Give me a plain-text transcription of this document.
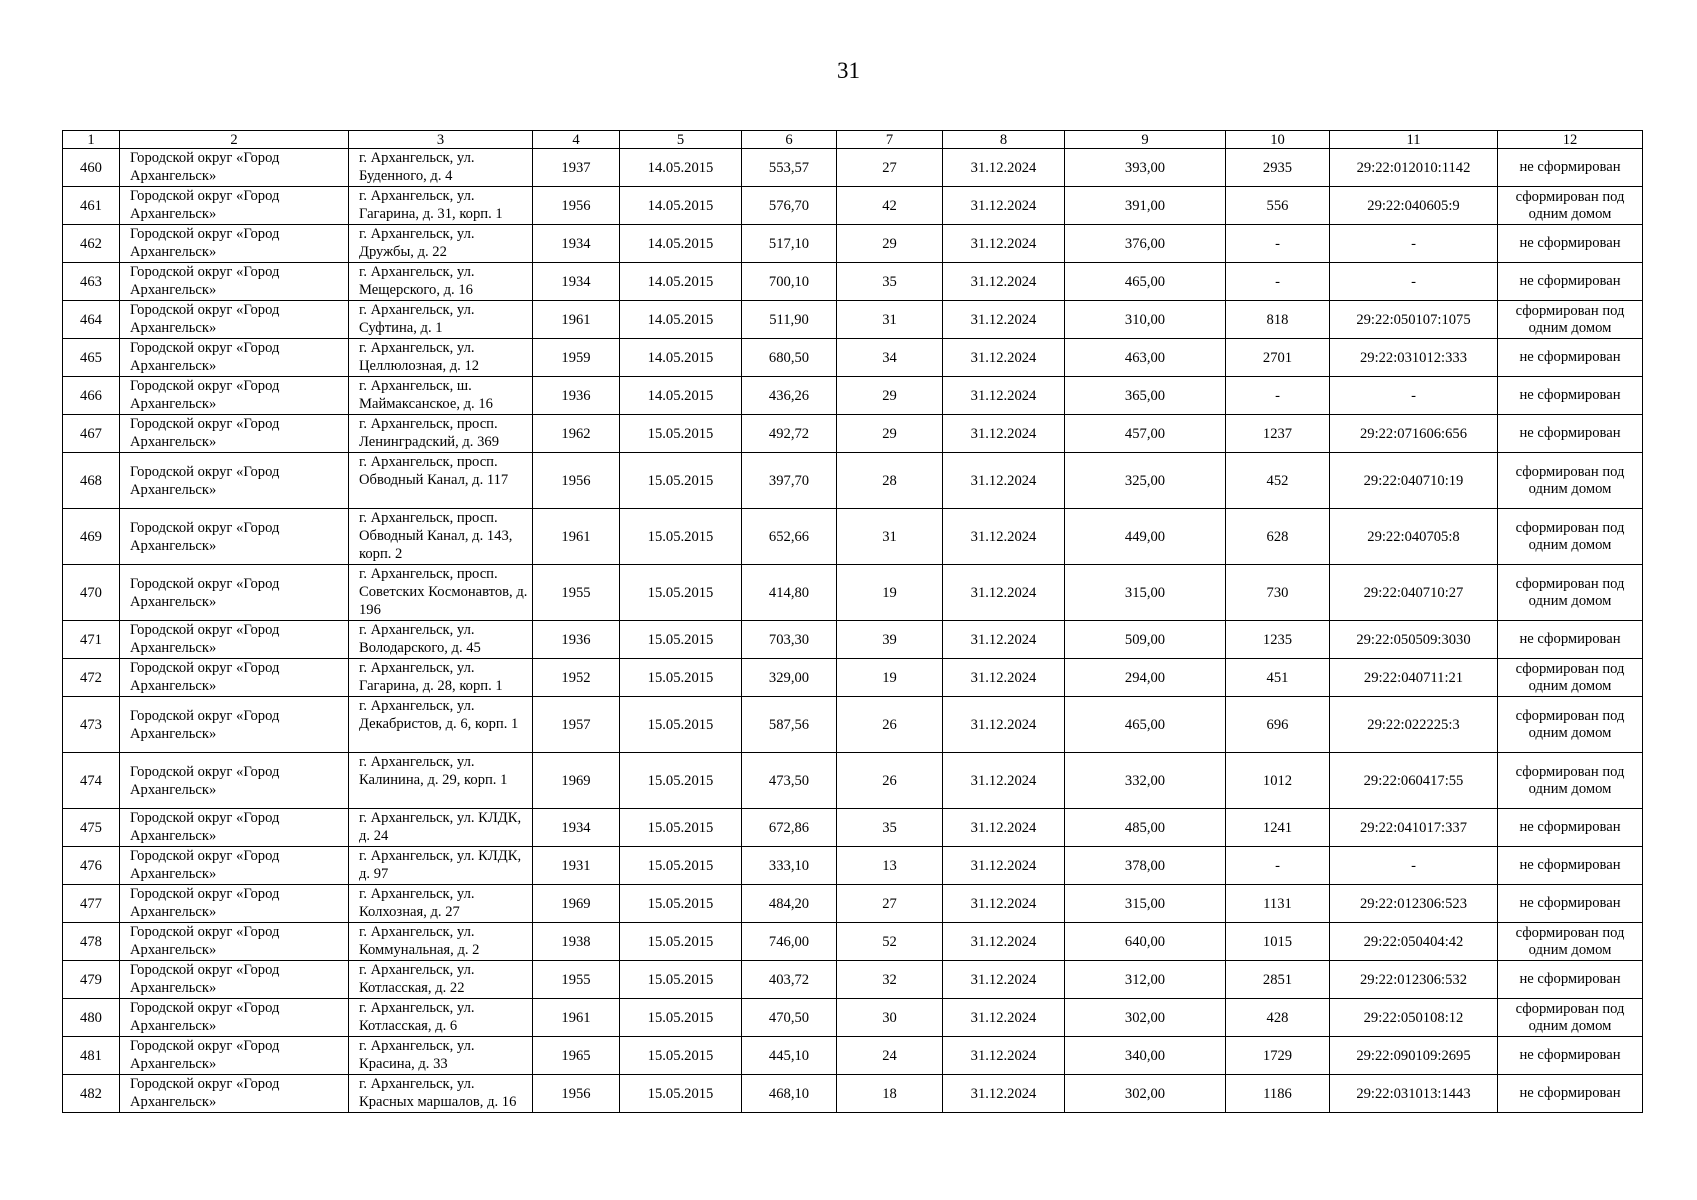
31
1	2	3	4	5	6	7	8	9	10	11	12
460	Городской округ «Город Архангельск»	г. Архангельск, ул. Буденного, д. 4	1937	14.05.2015	553,57	27	31.12.2024	393,00	2935	29:22:012010:1142	не сформирован
461	Городской округ «Город Архангельск»	г. Архангельск, ул. Гагарина, д. 31, корп. 1	1956	14.05.2015	576,70	42	31.12.2024	391,00	556	29:22:040605:9	сформирован под одним домом
462	Городской округ «Город Архангельск»	г. Архангельск, ул. Дружбы, д. 22	1934	14.05.2015	517,10	29	31.12.2024	376,00	-	-	не сформирован
463	Городской округ «Город Архангельск»	г. Архангельск, ул. Мещерского, д. 16	1934	14.05.2015	700,10	35	31.12.2024	465,00	-	-	не сформирован
464	Городской округ «Город Архангельск»	г. Архангельск, ул. Суфтина, д. 1	1961	14.05.2015	511,90	31	31.12.2024	310,00	818	29:22:050107:1075	сформирован под одним домом
465	Городской округ «Город Архангельск»	г. Архангельск, ул. Целлюлозная, д. 12	1959	14.05.2015	680,50	34	31.12.2024	463,00	2701	29:22:031012:333	не сформирован
466	Городской округ «Город Архангельск»	г. Архангельск, ш. Маймаксанское, д. 16	1936	14.05.2015	436,26	29	31.12.2024	365,00	-	-	не сформирован
467	Городской округ «Город Архангельск»	г. Архангельск, просп. Ленинградский, д. 369	1962	15.05.2015	492,72	29	31.12.2024	457,00	1237	29:22:071606:656	не сформирован
468	Городской округ «Город Архангельск»	г. Архангельск, просп. Обводный Канал, д. 117	1956	15.05.2015	397,70	28	31.12.2024	325,00	452	29:22:040710:19	сформирован под одним домом
469	Городской округ «Город Архангельск»	г. Архангельск, просп. Обводный Канал, д. 143, корп. 2	1961	15.05.2015	652,66	31	31.12.2024	449,00	628	29:22:040705:8	сформирован под одним домом
470	Городской округ «Город Архангельск»	г. Архангельск, просп. Советских Космонавтов, д. 196	1955	15.05.2015	414,80	19	31.12.2024	315,00	730	29:22:040710:27	сформирован под одним домом
471	Городской округ «Город Архангельск»	г. Архангельск, ул. Володарского, д. 45	1936	15.05.2015	703,30	39	31.12.2024	509,00	1235	29:22:050509:3030	не сформирован
472	Городской округ «Город Архангельск»	г. Архангельск, ул. Гагарина, д. 28, корп. 1	1952	15.05.2015	329,00	19	31.12.2024	294,00	451	29:22:040711:21	сформирован под одним домом
473	Городской округ «Город Архангельск»	г. Архангельск, ул. Декабристов, д. 6, корп. 1	1957	15.05.2015	587,56	26	31.12.2024	465,00	696	29:22:022225:3	сформирован под одним домом
474	Городской округ «Город Архангельск»	г. Архангельск, ул. Калинина, д. 29, корп. 1	1969	15.05.2015	473,50	26	31.12.2024	332,00	1012	29:22:060417:55	сформирован под одним домом
475	Городской округ «Город Архангельск»	г. Архангельск, ул. КЛДК, д. 24	1934	15.05.2015	672,86	35	31.12.2024	485,00	1241	29:22:041017:337	не сформирован
476	Городской округ «Город Архангельск»	г. Архангельск, ул. КЛДК, д. 97	1931	15.05.2015	333,10	13	31.12.2024	378,00	-	-	не сформирован
477	Городской округ «Город Архангельск»	г. Архангельск, ул. Колхозная, д. 27	1969	15.05.2015	484,20	27	31.12.2024	315,00	1131	29:22:012306:523	не сформирован
478	Городской округ «Город Архангельск»	г. Архангельск, ул. Коммунальная, д. 2	1938	15.05.2015	746,00	52	31.12.2024	640,00	1015	29:22:050404:42	сформирован под одним домом
479	Городской округ «Город Архангельск»	г. Архангельск, ул. Котласская, д. 22	1955	15.05.2015	403,72	32	31.12.2024	312,00	2851	29:22:012306:532	не сформирован
480	Городской округ «Город Архангельск»	г. Архангельск, ул. Котласская, д. 6	1961	15.05.2015	470,50	30	31.12.2024	302,00	428	29:22:050108:12	сформирован под одним домом
481	Городской округ «Город Архангельск»	г. Архангельск, ул. Красина, д. 33	1965	15.05.2015	445,10	24	31.12.2024	340,00	1729	29:22:090109:2695	не сформирован
482	Городской округ «Город Архангельск»	г. Архангельск, ул. Красных маршалов, д. 16	1956	15.05.2015	468,10	18	31.12.2024	302,00	1186	29:22:031013:1443	не сформирован
